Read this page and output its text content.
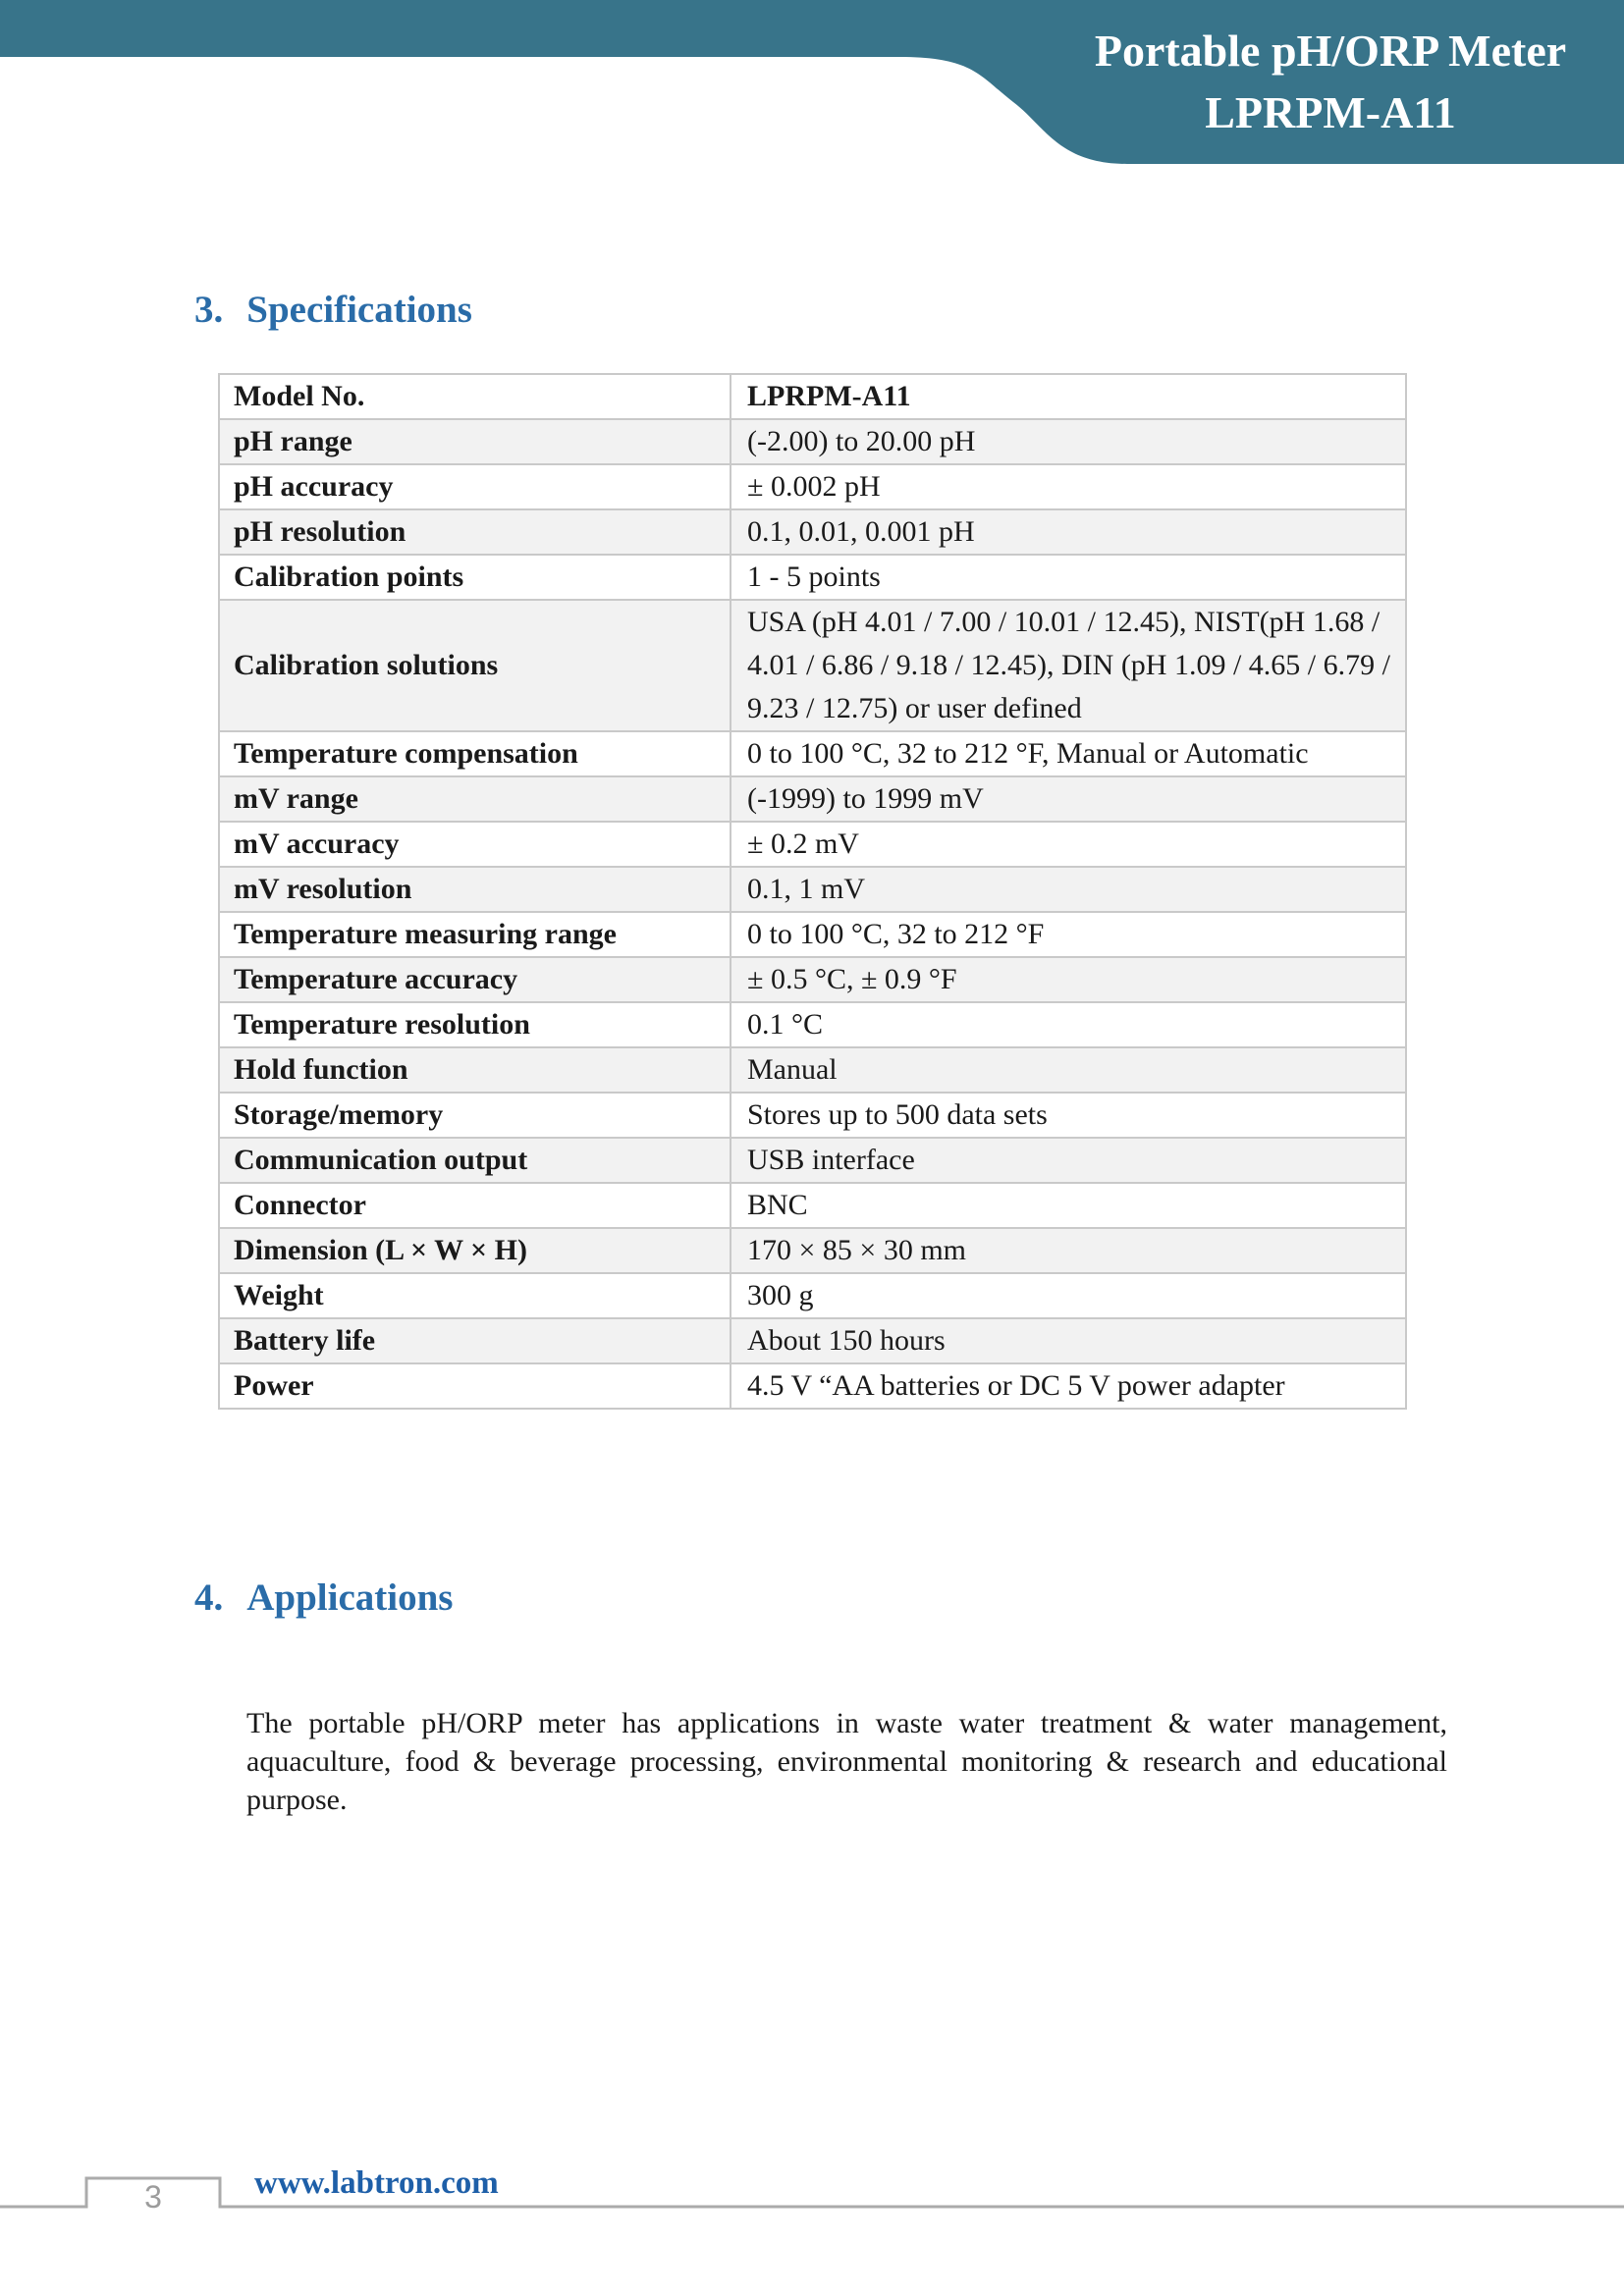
Portable pH/ORP Meter
LPRPM-A11
3. Specifications
Model No.	LPRPM-A11
pH range	(-2.00) to 20.00 pH
pH accuracy	± 0.002 pH
pH resolution	0.1, 0.01, 0.001 pH
Calibration points	1 - 5 points
Calibration solutions	USA (pH 4.01 / 7.00 / 10.01 / 12.45), NIST(pH 1.68 / 4.01 / 6.86 / 9.18 / 12.45), DIN (pH 1.09 / 4.65 / 6.79 / 9.23 / 12.75) or user defined
Temperature compensation	0 to 100 °C, 32 to 212 °F, Manual or Automatic
mV range	(-1999) to 1999 mV
mV accuracy	± 0.2 mV
mV resolution	0.1, 1 mV
Temperature measuring range	0 to 100 °C, 32 to 212 °F
Temperature accuracy	± 0.5 °C, ± 0.9 °F
Temperature resolution	0.1 °C
Hold function	Manual
Storage/memory	Stores up to 500 data sets
Communication output	USB interface
Connector	BNC
Dimension (L × W × H)	170 × 85 × 30 mm
Weight	300 g
Battery life	About 150 hours
Power	4.5 V “AA batteries or DC 5 V power adapter
4. Applications

The portable pH/ORP meter has applications in waste water treatment & water management, aquaculture, food & beverage processing, environmental monitoring & research and educational purpose.

3	www.labtron.com
